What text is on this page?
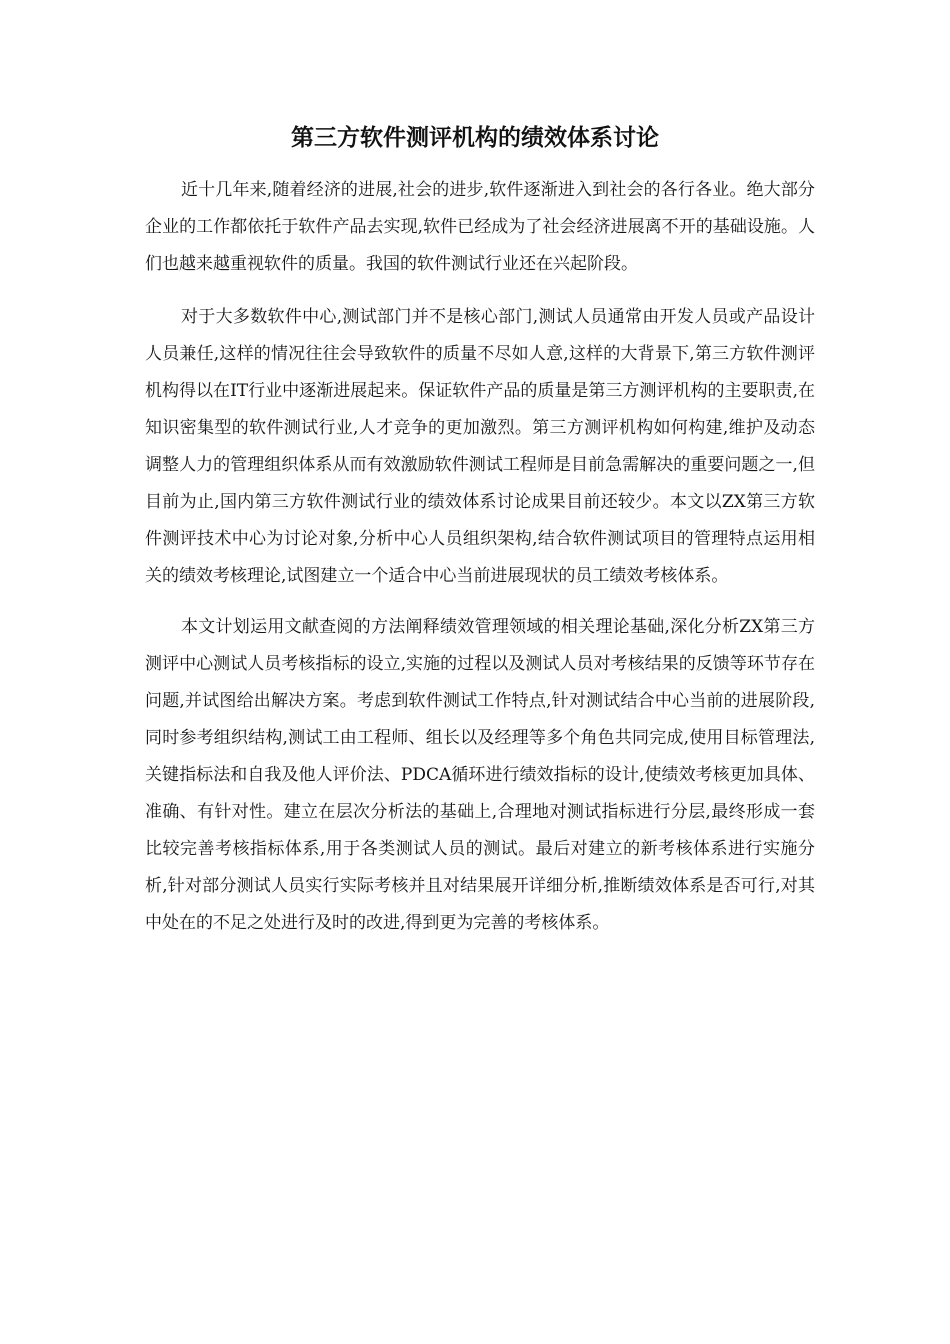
第三方软件测评机构的绩效体系讨论

近十几年来,随着经济的进展,社会的进步,软件逐渐进入到社会的各行各业。绝大部分企业的工作都依托于软件产品去实现,软件已经成为了社会经济进展离不开的基础设施。人们也越来越重视软件的质量。我国的软件测试行业还在兴起阶段。

对于大多数软件中心,测试部门并不是核心部门,测试人员通常由开发人员或产品设计人员兼任,这样的情况往往会导致软件的质量不尽如人意,这样的大背景下,第三方软件测评机构得以在IT行业中逐渐进展起来。保证软件产品的质量是第三方测评机构的主要职责,在知识密集型的软件测试行业,人才竞争的更加激烈。第三方测评机构如何构建,维护及动态调整人力的管理组织体系从而有效激励软件测试工程师是目前急需解决的重要问题之一,但目前为止,国内第三方软件测试行业的绩效体系讨论成果目前还较少。本文以ZX第三方软件测评技术中心为讨论对象,分析中心人员组织架构,结合软件测试项目的管理特点运用相关的绩效考核理论,试图建立一个适合中心当前进展现状的员工绩效考核体系。

本文计划运用文献查阅的方法阐释绩效管理领域的相关理论基础,深化分析ZX第三方测评中心测试人员考核指标的设立,实施的过程以及测试人员对考核结果的反馈等环节存在问题,并试图给出解决方案。考虑到软件测试工作特点,针对测试结合中心当前的进展阶段,同时参考组织结构,测试工由工程师、组长以及经理等多个角色共同完成,使用目标管理法,关键指标法和自我及他人评价法、PDCA循环进行绩效指标的设计,使绩效考核更加具体、准确、有针对性。建立在层次分析法的基础上,合理地对测试指标进行分层,最终形成一套比较完善考核指标体系,用于各类测试人员的测试。最后对建立的新考核体系进行实施分析,针对部分测试人员实行实际考核并且对结果展开详细分析,推断绩效体系是否可行,对其中处在的不足之处进行及时的改进,得到更为完善的考核体系。
